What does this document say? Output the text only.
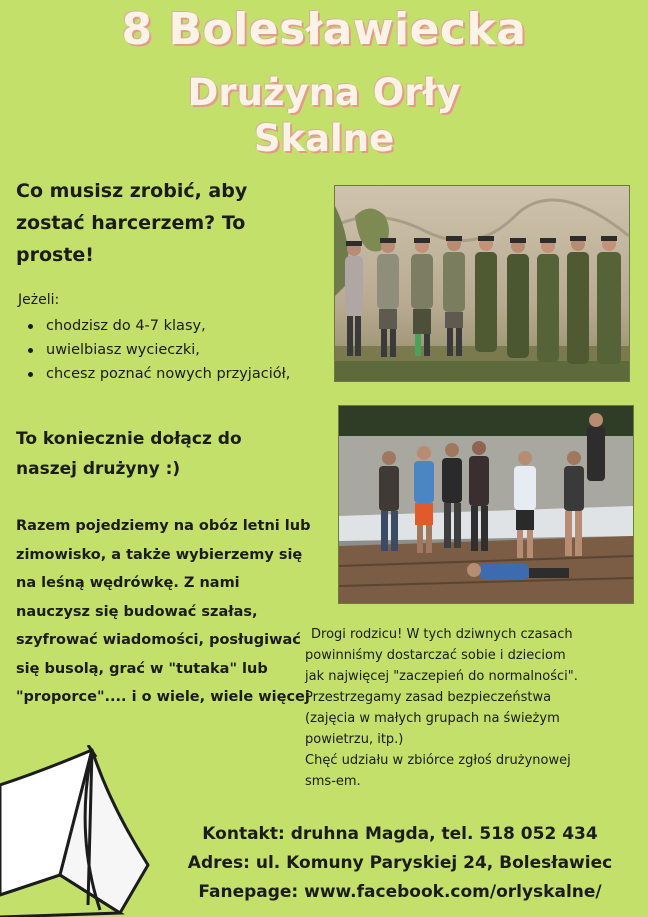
8 Bolesławiecka
Drużyna Orły
Skalne

Co musisz zrobić, aby zostać harcerzem? To proste!

Jeżeli:

chodzisz do 4-7 klasy,
uwielbiasz wycieczki,
chcesz poznać nowych przyjaciół,

To koniecznie dołącz do naszej drużyny :)

Razem pojedziemy na obóz letni lub zimowisko, a także wybierzemy się na leśną wędrówkę. Z nami nauczysz się budować szałas, szyfrować wiadomości, posługiwać się busolą, grać w "tutaka" lub "proporce".... i o wiele, wiele więcej

Drogi rodzicu! W tych dziwnych czasach
powinniśmy dostarczać sobie i dzieciom
jak najwięcej "zaczepień do normalności".
Przestrzegamy zasad bezpieczeństwa
(zajęcia w małych grupach na świeżym
powietrzu, itp.)
Chęć udziału w zbiórce zgłoś drużynowej
sms-em.
Kontakt: druhna Magda, tel. 518 052 434
Adres: ul. Komuny Paryskiej 24, Bolesławiec
Fanepage: www.facebook.com/orlyskalne/
